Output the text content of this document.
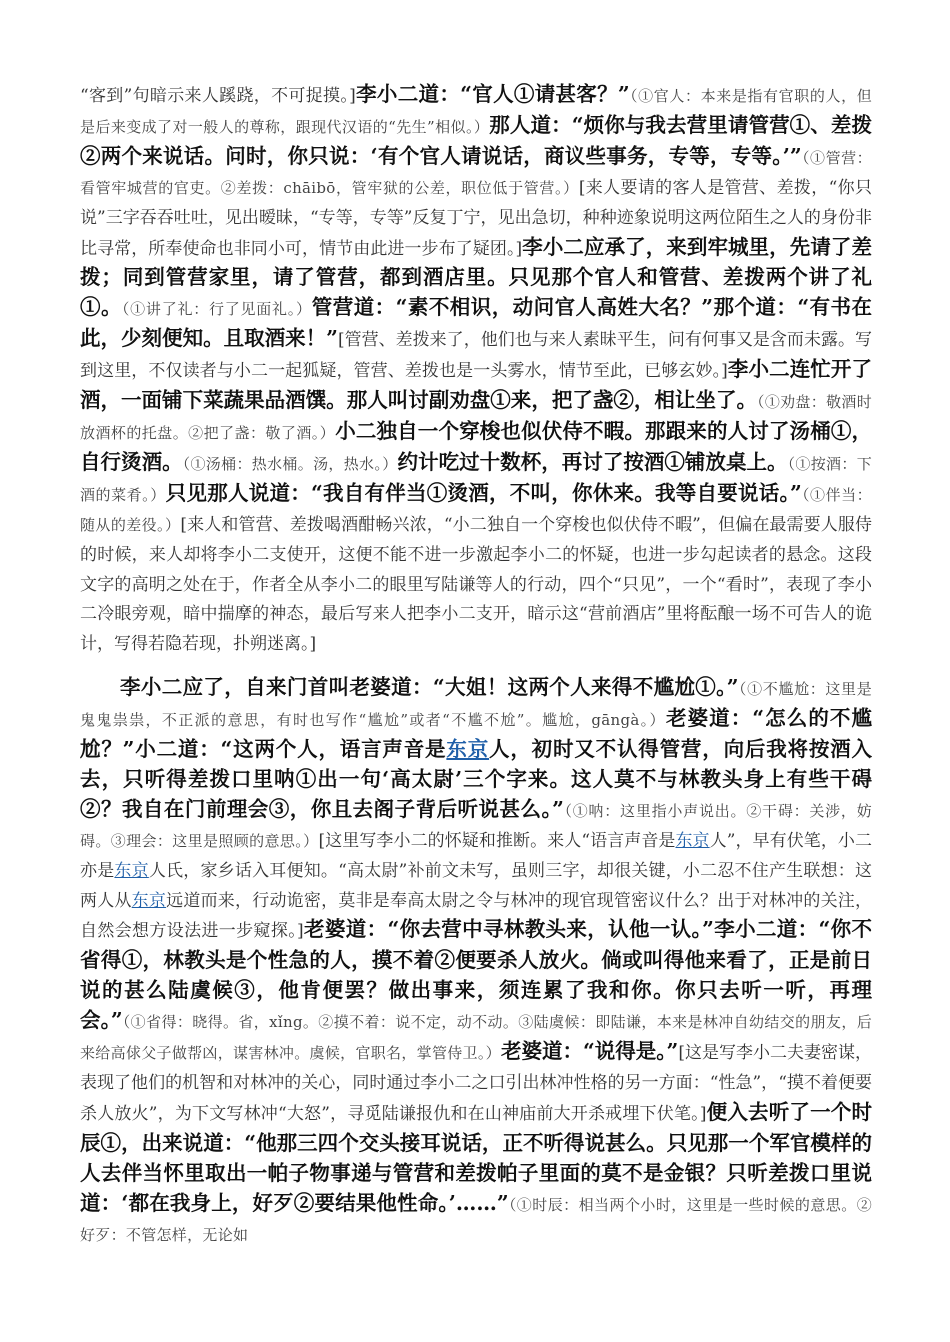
“客到”句暗示来人蹊跷，不可捉摸。]李小二道：“官人①请甚客？”（①官人：本来是指有官职的人，但是后来变成了对一般人的尊称，跟现代汉语的“先生”相似。）那人道：“烦你与我去营里请管营①、差拨②两个来说话。问时，你只说：‘有个官人请说话，商议些事务，专等，专等。’”（①管营：看管牢城营的官吏。②差拨：chāibō，管牢狱的公差，职位低于管营。）[来人要请的客人是管营、差拨，“你只说”三字吞吞吐吐，见出暧昧，“专等，专等”反复丁宁，见出急切，种种迹象说明这两位陌生之人的身份非比寻常，所奉使命也非同小可，情节由此进一步布了疑团。]李小二应承了，来到牢城里，先请了差拨；同到管营家里，请了管营，都到酒店里。只见那个官人和管营、差拨两个讲了礼①。（①讲了礼：行了见面礼。）管营道：“素不相识，动问官人高姓大名？”那个道：“有书在此，少刻便知。且取酒来！”[管营、差拨来了，他们也与来人素昧平生，问有何事又是含而未露。写到这里，不仅读者与小二一起狐疑，管营、差拨也是一头雾水，情节至此，已够玄妙。]李小二连忙开了酒，一面铺下菜蔬果品酒馔。那人叫讨副劝盘①来，把了盏②，相让坐了。（①劝盘：敬酒时放酒杯的托盘。②把了盏：敬了酒。）小二独自一个穿梭也似伏侍不暇。那跟来的人讨了汤桶①，自行烫酒。（①汤桶：热水桶。汤，热水。）约计吃过十数杯，再讨了按酒①铺放桌上。（①按酒：下酒的菜肴。）只见那人说道：“我自有伴当①烫酒，不叫，你休来。我等自要说话。”（①伴当：随从的差役。）[来人和管营、差拨喝酒酣畅兴浓，“小二独自一个穿梭也似伏侍不暇”，但偏在最需要人服侍的时候，来人却将李小二支使开，这便不能不进一步激起李小二的怀疑，也进一步勾起读者的悬念。这段文字的高明之处在于，作者全从李小二的眼里写陆谦等人的行动，四个“只见”，一个“看时”，表现了李小二冷眼旁观，暗中揣摩的神态，最后写来人把李小二支开，暗示这“营前酒店”里将酝酿一场不可告人的诡计，写得若隐若现，扑朔迷离。]

李小二应了，自来门首叫老婆道：“大姐！这两个人来得不尴尬①。”（①不尴尬：这里是鬼鬼祟祟，不正派的意思，有时也写作“尴尬”或者“不尴不尬”。尴尬，gāngà。）老婆道：“怎么的不尴尬？”小二道：“这两个人，语言声音是东京人，初时又不认得管营，向后我将按酒入去，只听得差拨口里呐①出一句‘高太尉’三个字来。这人莫不与林教头身上有些干碍②？我自在门前理会③，你且去阁子背后听说甚么。”（①呐：这里指小声说出。②干碍：关涉，妨碍。③理会：这里是照顾的意思。）[这里写李小二的怀疑和推断。来人“语言声音是东京人”，早有伏笔，小二亦是东京人氏，家乡话入耳便知。“高太尉”补前文未写，虽则三字，却很关键，小二忍不住产生联想：这两人从东京远道而来，行动诡密，莫非是奉高太尉之令与林冲的现官现管密议什么？出于对林冲的关注，自然会想方设法进一步窥探。]老婆道：“你去营中寻林教头来，认他一认。”李小二道：“你不省得①，林教头是个性急的人，摸不着②便要杀人放火。倘或叫得他来看了，正是前日说的甚么陆虞候③，他肯便罢？做出事来，须连累了我和你。你只去听一听，再理会。”（①省得：晓得。省，xǐng。②摸不着：说不定，动不动。③陆虞候：即陆谦，本来是林冲自幼结交的朋友，后来给高俅父子做帮凶，谋害林冲。虞候，官职名，掌管侍卫。）老婆道：“说得是。”[这是写李小二夫妻密谋，表现了他们的机智和对林冲的关心，同时通过李小二之口引出林冲性格的另一方面：“性急”，“摸不着便要杀人放火”，为下文写林冲“大怒”，寻觅陆谦报仇和在山神庙前大开杀戒埋下伏笔。]便入去听了一个时辰①，出来说道：“他那三四个交头接耳说话，正不听得说甚么。只见那一个军官模样的人去伴当怀里取出一帕子物事递与管营和差拨帕子里面的莫不是金银？只听差拨口里说道：‘都在我身上，好歹②要结果他性命。’……”（①时辰：相当两个小时，这里是一些时候的意思。②好歹：不管怎样，无论如
